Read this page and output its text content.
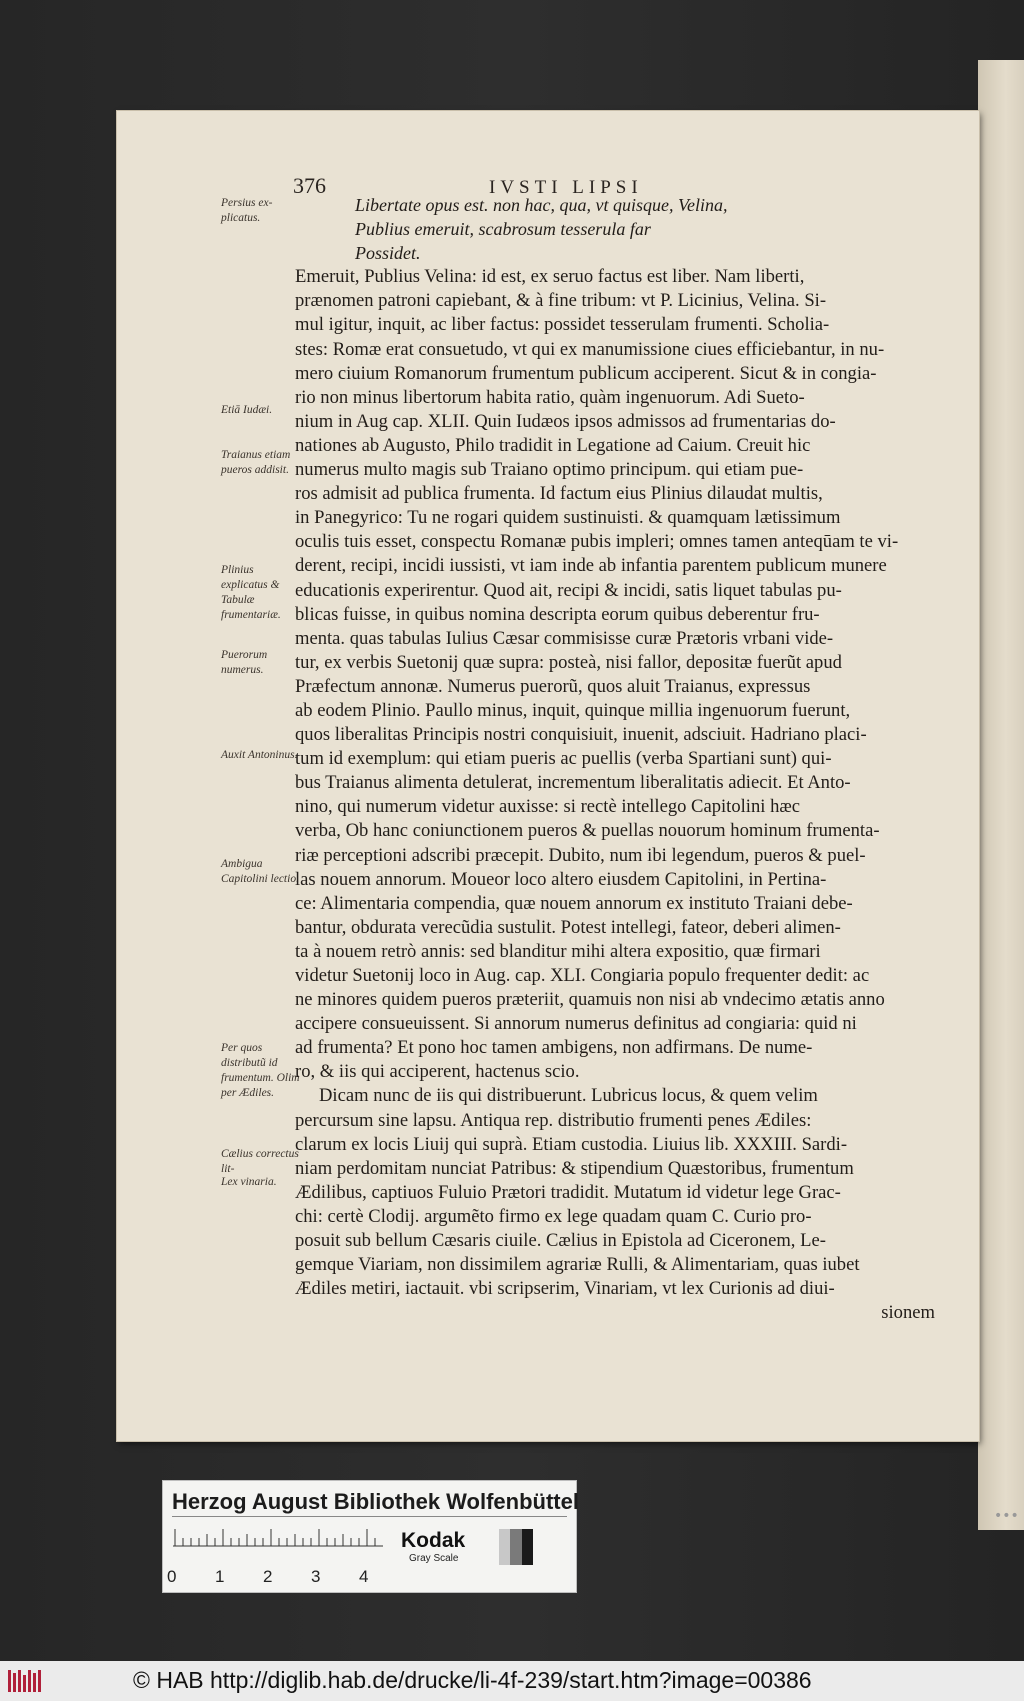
•••
376	IVSTI LIPSI
Persius ex-plicatus.
Etiā Iudæi.
Traianus etiam pueros addisit.
Plinius explicatus & Tabulæ frumentariæ.
Puerorum numerus.
Auxit Antoninus.
Ambigua Capitolini lectio.
Per quos distributũ id frumentum. Olim per Ædiles.
Cælius correctus lit-
Lex vinaria.
Libertate opus est. non hac, qua, vt quisque, Velina,
Publius emeruit, scabrosum tesserula far
Possidet.
Emeruit, Publius Velina: id est, ex seruo factus est liber. Nam liberti,
prænomen patroni capiebant, & à fine tribum: vt P. Licinius, Velina. Si-
mul igitur, inquit, ac liber factus: possidet tesserulam frumenti. Scholia-
stes: Romæ erat consuetudo, vt qui ex manumissione ciues efficiebantur, in nu-
mero ciuium Romanorum frumentum publicum acciperent. Sicut & in congia-
rio non minus libertorum habita ratio, quàm ingenuorum. Adi Sueto-
nium in Aug cap. XLII. Quin Iudæos ipsos admissos ad frumentarias do-
nationes ab Augusto, Philo tradidit in Legatione ad Caium. Creuit hic
numerus multo magis sub Traiano optimo principum. qui etiam pue-
ros admisit ad publica frumenta. Id factum eius Plinius dilaudat multis,
in Panegyrico: Tu ne rogari quidem sustinuisti. & quamquam lætissimum
oculis tuis esset, conspectu Romanæ pubis impleri; omnes tamen anteqūam te vi-
derent, recipi, incidi iussisti, vt iam inde ab infantia parentem publicum munere
educationis experirentur. Quod ait, recipi & incidi, satis liquet tabulas pu-
blicas fuisse, in quibus nomina descripta eorum quibus deberentur fru-
menta. quas tabulas Iulius Cæsar commisisse curæ Prætoris vrbani vide-
tur, ex verbis Suetonij quæ supra: posteà, nisi fallor, depositæ fuerũt apud
Præfectum annonæ. Numerus puerorũ, quos aluit Traianus, expressus
ab eodem Plinio. Paullo minus, inquit, quinque millia ingenuorum fuerunt,
quos liberalitas Principis nostri conquisiuit, inuenit, adsciuit. Hadriano placi-
tum id exemplum: qui etiam pueris ac puellis (verba Spartiani sunt) qui-
bus Traianus alimenta detulerat, incrementum liberalitatis adiecit. Et Anto-
nino, qui numerum videtur auxisse: si rectè intellego Capitolini hæc
verba, Ob hanc coniunctionem pueros & puellas nouorum hominum frumenta-
riæ perceptioni adscribi præcepit. Dubito, num ibi legendum, pueros & puel-
las nouem annorum. Moueor loco altero eiusdem Capitolini, in Pertina-
ce: Alimentaria compendia, quæ nouem annorum ex instituto Traiani debe-
bantur, obdurata verecũdia sustulit. Potest intellegi, fateor, deberi alimen-
ta à nouem retrò annis: sed blanditur mihi altera expositio, quæ firmari
videtur Suetonij loco in Aug. cap. XLI. Congiaria populo frequenter dedit: ac
ne minores quidem pueros præteriit, quamuis non nisi ab vndecimo ætatis anno
accipere consueuissent. Si annorum numerus definitus ad congiaria: quid ni
ad frumenta? Et pono hoc tamen ambigens, non adfirmans. De nume-
ro, & iis qui acciperent, hactenus scio.
Dicam nunc de iis qui distribuerunt. Lubricus locus, & quem velim
percursum sine lapsu. Antiqua rep. distributio frumenti penes Ædiles:
clarum ex locis Liuij qui suprà. Etiam custodia. Liuius lib. XXXIII. Sardi-
niam perdomitam nunciat Patribus: & stipendium Quæstoribus, frumentum
Ædilibus, captiuos Fuluio Prætori tradidit. Mutatum id videtur lege Grac-
chi: certè Clodij. argumẽto firmo ex lege quadam quam C. Curio pro-
posuit sub bellum Cæsaris ciuile. Cælius in Epistola ad Ciceronem, Le-
gemque Viariam, non dissimilem agrariæ Rulli, & Alimentariam, quas iubet
Ædiles metiri, iactauit. vbi scripserim, Vinariam, vt lex Curionis ad diui-
sionem
Herzog August Bibliothek Wolfenbüttel
0 1 2 3 4
Kodak
Gray Scale
© HAB http://diglib.hab.de/drucke/li-4f-239/start.htm?image=00386
